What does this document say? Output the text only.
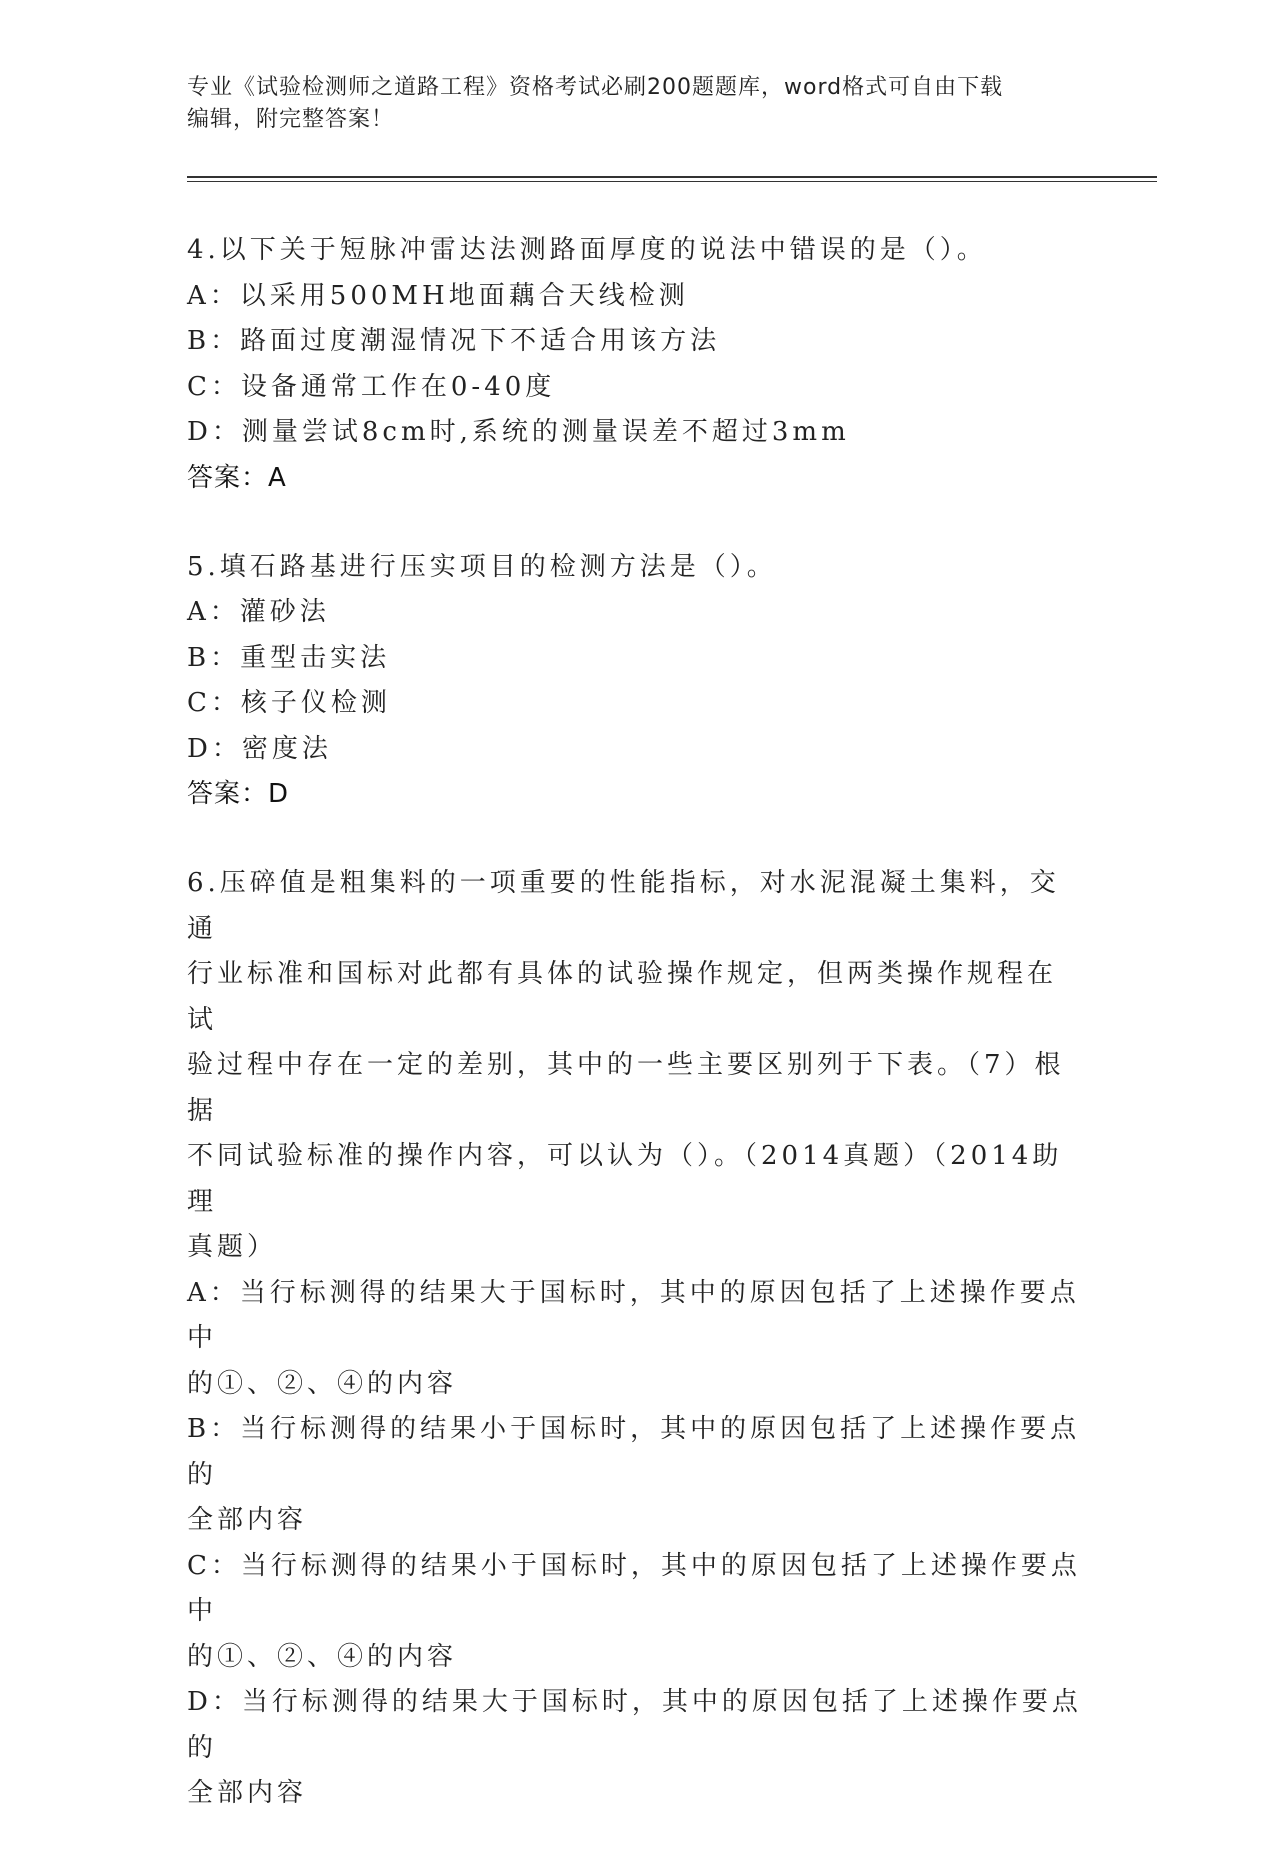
专业《试验检测师之道路工程》资格考试必刷200题题库，word格式可自由下载
编辑，附完整答案！
4.以下关于短脉冲雷达法测路面厚度的说法中错误的是（）。
A：以采用500MH地面藕合天线检测
B：路面过度潮湿情况下不适合用该方法
C：设备通常工作在0-40度
D：测量尝试8cm时,系统的测量误差不超过3mm
答案：A
5.填石路基进行压实项目的检测方法是（）。
A：灌砂法
B：重型击实法
C：核子仪检测
D：密度法
答案：D
6.压碎值是粗集料的一项重要的性能指标，对水泥混凝土集料，交通
行业标准和国标对此都有具体的试验操作规定，但两类操作规程在试
验过程中存在一定的差别，其中的一些主要区别列于下表。（7）根据
不同试验标准的操作内容，可以认为（）。（2014真题）（2014助理
真题）
A：当行标测得的结果大于国标时，其中的原因包括了上述操作要点中
的①、②、④的内容
B：当行标测得的结果小于国标时，其中的原因包括了上述操作要点的
全部内容
C：当行标测得的结果小于国标时，其中的原因包括了上述操作要点中
的①、②、④的内容
D：当行标测得的结果大于国标时，其中的原因包括了上述操作要点的
全部内容
